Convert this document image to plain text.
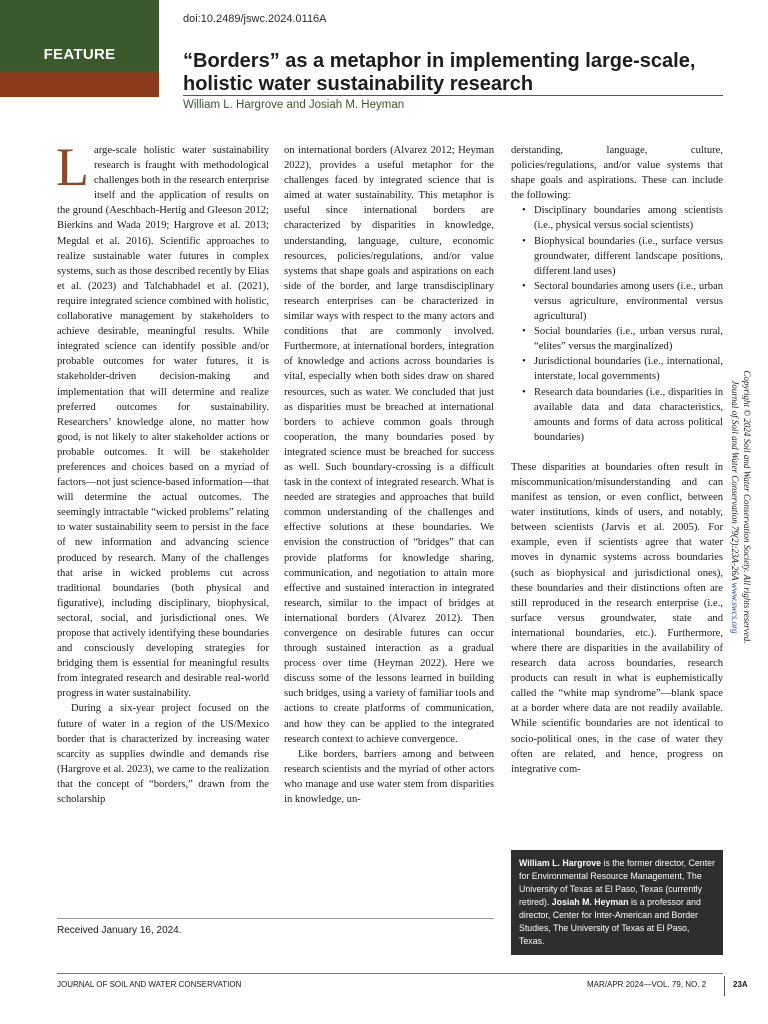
FEATURE
doi:10.2489/jswc.2024.0116A
“Borders” as a metaphor in implementing large-scale, holistic water sustainability research
William L. Hargrove and Josiah M. Heyman

Large-scale holistic water sustainability research is fraught with methodological challenges both in the research enterprise itself and the application of results on the ground (Aeschbach-Hertig and Gleeson 2012; Bierkins and Wada 2019; Hargrove et al. 2013; Megdal et al. 2016). Scientific approaches to realize sustainable water futures in complex systems, such as those described recently by Elias et al. (2023) and Talchabhadel et al. (2021), require integrated science combined with holistic, collaborative management by stakeholders to achieve desirable, meaningful results. While integrated science can identify possible and/or probable outcomes for water futures, it is stakeholder-driven decision-making and implementation that will determine and realize preferred outcomes for sustainability. Researchers’ knowledge alone, no matter how good, is not likely to alter stakeholder actions or probable outcomes. It will be stakeholder preferences and choices based on a myriad of factors—not just science-based information—that will determine the actual outcomes. The seemingly intractable “wicked problems” relating to water sustainability seem to persist in the face of new information and advancing science produced by research. Many of the challenges that arise in wicked problems cut across traditional boundaries (both physical and figurative), including disciplinary, biophysical, sectoral, social, and jurisdictional ones. We propose that actively identifying these boundaries and consciously developing strategies for bridging them is essential for meaningful results from integrated research and desirable real-world progress in water sustainability.

During a six-year project focused on the future of water in a region of the US/Mexico border that is characterized by increasing water scarcity as supplies dwindle and demands rise (Hargrove et al. 2023), we came to the realization that the concept of “borders,” drawn from the scholarship

on international borders (Alvarez 2012; Heyman 2022), provides a useful metaphor for the challenges faced by integrated science that is aimed at water sustainability. This metaphor is useful since international borders are characterized by disparities in knowledge, understanding, language, culture, economic resources, policies/regulations, and/or value systems that shape goals and aspirations on each side of the border, and large transdisciplinary research enterprises can be characterized in similar ways with respect to the many actors and conditions that are commonly involved. Furthermore, at international borders, integration of knowledge and actions across boundaries is vital, especially when both sides draw on shared resources, such as water. We concluded that just as disparities must be breached at international borders to achieve common goals through cooperation, the many boundaries posed by integrated science must be breached for success as well. Such boundary-crossing is a difficult task in the context of integrated research. What is needed are strategies and approaches that build common understanding of the challenges and effective solutions at these boundaries. We envision the construction of “bridges” that can provide platforms for knowledge sharing, communication, and negotiation to attain more effective and sustained interaction in integrated research, similar to the impact of bridges at international borders (Alvarez 2012). Then convergence on desirable futures can occur through sustained interaction as a gradual process over time (Heyman 2022). Here we discuss some of the lessons learned in building such bridges, using a variety of familiar tools and actions to create platforms of communication, and how they can be applied to the integrated research context to achieve convergence.

Like borders, barriers among and between research scientists and the myriad of other actors who manage and use water stem from disparities in knowledge, un-

derstanding, language, culture, policies/regulations, and/or value systems that shape goals and aspirations. These can include the following:

• Disciplinary boundaries among scientists (i.e., physical versus social scientists)
• Biophysical boundaries (i.e., surface versus groundwater, different landscape positions, different land uses)
• Sectoral boundaries among users (i.e., urban versus agriculture, environmental versus agricultural)
• Social boundaries (i.e., urban versus rural, “elites” versus the marginalized)
• Jurisdictional boundaries (i.e., international, interstate, local governments)
• Research data boundaries (i.e., disparities in available data and data characteristics, amounts and forms of data across political boundaries)

These disparities at boundaries often result in miscommunication/misunderstanding and can manifest as tension, or even conflict, between water institutions, kinds of users, and notably, between scientists (Jarvis et al. 2005). For example, even if scientists agree that water moves in dynamic systems across boundaries (such as biophysical and jurisdictional ones), these boundaries and their distinctions often are still reproduced in the research enterprise (i.e., surface versus groundwater, state and international boundaries, etc.). Furthermore, where there are disparities in the availability of research data across boundaries, research products can result in what is euphemistically called the “white map syndrome”—blank space at a border where data are not readily available. While scientific boundaries are not identical to socio-political ones, in the case of water they often are related, and hence, progress on integrative com-

William L. Hargrove is the former director, Center for Environmental Resource Management, The University of Texas at El Paso, Texas (currently retired). Josiah M. Heyman is a professor and director, Center for Inter-American and Border Studies, The University of Texas at El Paso, Texas.
Received January 16, 2024.
Copyright © 2024 Soil and Water Conservation Society. All rights reserved.
Journal of Soil and Water Conservation 79(2):23A-26A www.swcs.org
JOURNAL OF SOIL AND WATER CONSERVATION	MAR/APR 2024—VOL. 79, NO. 2	23A
